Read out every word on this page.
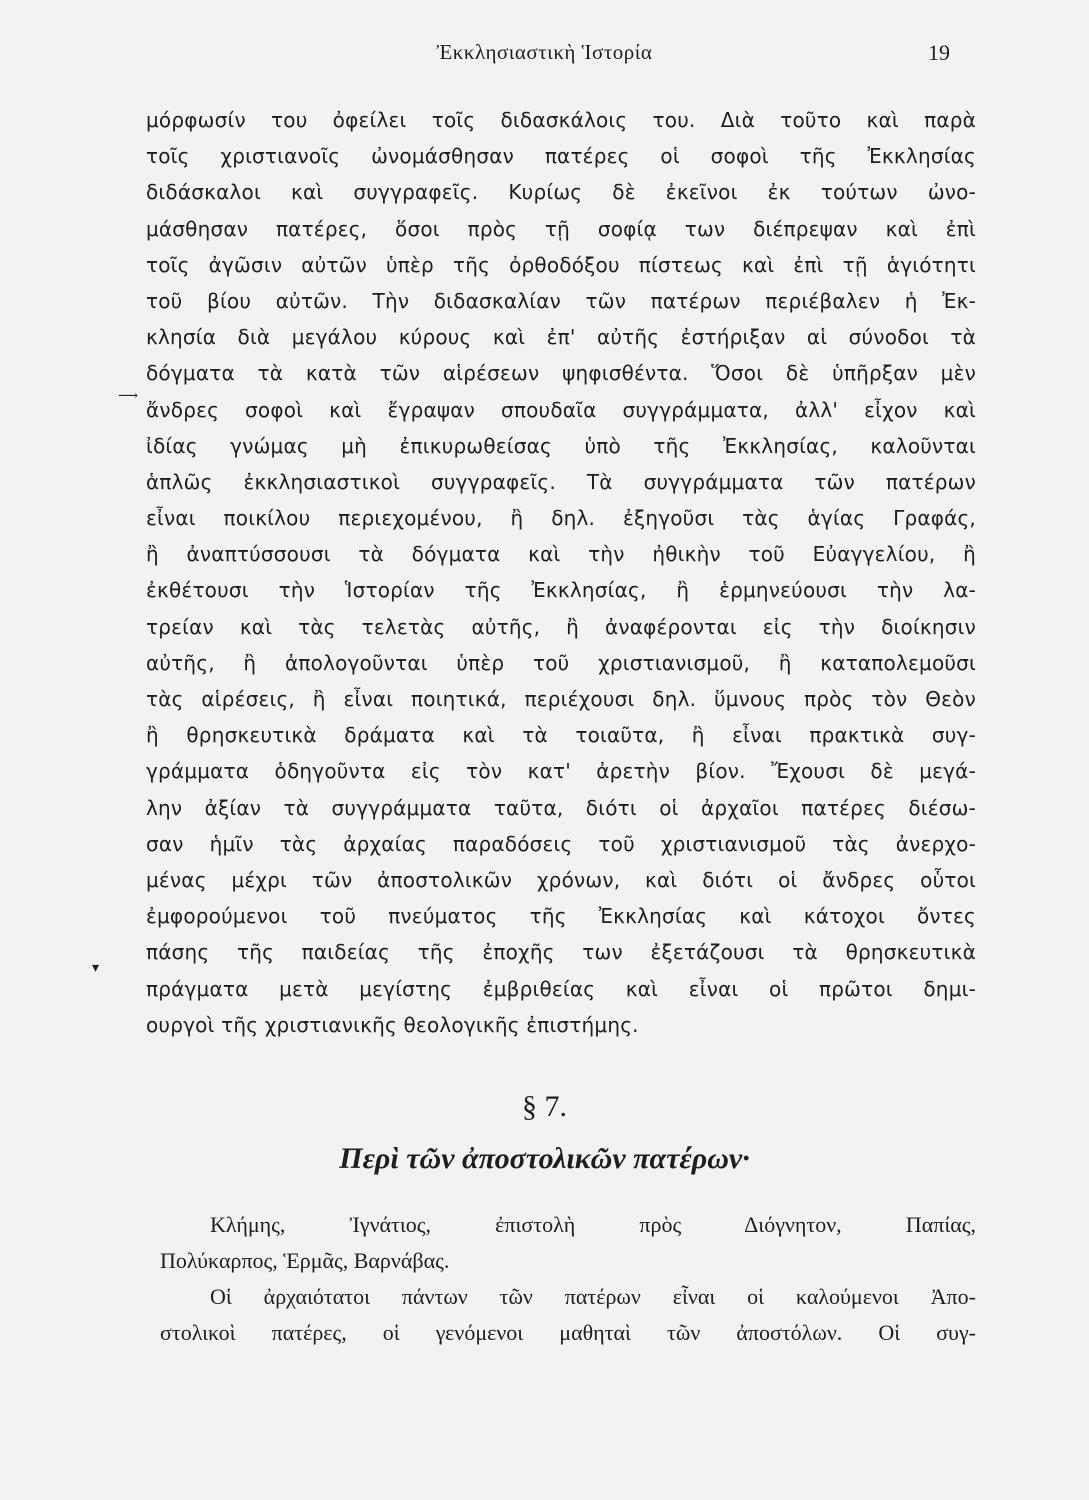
Ἐκκλησιαστικὴ Ἱστορία	19
⟶
▾
μόρφωσίν του ὀφείλει τοῖς διδασκάλοις του. Διὰ τοῦτο καὶ παρὰ
τοῖς χριστιανοῖς ὠνομάσθησαν πατέρες οἱ σοφοὶ τῆς Ἐκκλησίας
διδάσκαλοι καὶ συγγραφεῖς. Κυρίως δὲ ἐκεῖνοι ἐκ τούτων ὠνο-
μάσθησαν πατέρες, ὅσοι πρὸς τῇ σοφίᾳ των διέπρεψαν καὶ ἐπὶ
τοῖς ἀγῶσιν αὐτῶν ὑπὲρ τῆς ὀρθοδόξου πίστεως καὶ ἐπὶ τῇ ἁγιότητι
τοῦ βίου αὐτῶν. Τὴν διδασκαλίαν τῶν πατέρων περιέβαλεν ἡ Ἐκ-
κλησία διὰ μεγάλου κύρους καὶ ἐπ' αὐτῆς ἐστήριξαν αἱ σύνοδοι τὰ
δόγματα τὰ κατὰ τῶν αἱρέσεων ψηφισθέντα. Ὅσοι δὲ ὑπῆρξαν μὲν
ἄνδρες σοφοὶ καὶ ἔγραψαν σπουδαῖα συγγράμματα, ἀλλ' εἶχον καὶ
ἰδίας γνώμας μὴ ἐπικυρωθείσας ὑπὸ τῆς Ἐκκλησίας, καλοῦνται
ἁπλῶς ἐκκλησιαστικοὶ συγγραφεῖς. Τὰ συγγράμματα τῶν πατέρων
εἶναι ποικίλου περιεχομένου, ἢ δηλ. ἐξηγοῦσι τὰς ἁγίας Γραφάς,
ἢ ἀναπτύσσουσι τὰ δόγματα καὶ τὴν ἠθικὴν τοῦ Εὐαγγελίου, ἢ
ἐκθέτουσι τὴν Ἱστορίαν τῆς Ἐκκλησίας, ἢ ἑρμηνεύουσι τὴν λα-
τρείαν καὶ τὰς τελετὰς αὐτῆς, ἢ ἀναφέρονται εἰς τὴν διοίκησιν
αὐτῆς, ἢ ἀπολογοῦνται ὑπὲρ τοῦ χριστιανισμοῦ, ἢ καταπολεμοῦσι
τὰς αἱρέσεις, ἢ εἶναι ποιητικά, περιέχουσι δηλ. ὕμνους πρὸς τὸν Θεὸν
ἢ θρησκευτικὰ δράματα καὶ τὰ τοιαῦτα, ἢ εἶναι πρακτικὰ συγ-
γράμματα ὁδηγοῦντα εἰς τὸν κατ' ἀρετὴν βίον. Ἔχουσι δὲ μεγά-
λην ἀξίαν τὰ συγγράμματα ταῦτα, διότι οἱ ἀρχαῖοι πατέρες διέσω-
σαν ἡμῖν τὰς ἀρχαίας παραδόσεις τοῦ χριστιανισμοῦ τὰς ἀνερχο-
μένας μέχρι τῶν ἀποστολικῶν χρόνων, καὶ διότι οἱ ἄνδρες οὗτοι
ἐμφορούμενοι τοῦ πνεύματος τῆς Ἐκκλησίας καὶ κάτοχοι ὄντες
πάσης τῆς παιδείας τῆς ἐποχῆς των ἐξετάζουσι τὰ θρησκευτικὰ
πράγματα μετὰ μεγίστης ἐμβριθείας καὶ εἶναι οἱ πρῶτοι δημι-
ουργοὶ τῆς χριστιανικῆς θεολογικῆς ἐπιστήμης.
§ 7.
Περὶ τῶν ἀποστολικῶν πατέρων·
Κλήμης, Ἰγνάτιος, ἐπιστολὴ πρὸς Διόγνητον, Παπίας,
Πολύκαρπος, Ἑρμᾶς, Βαρνάβας.
Οἱ ἀρχαιότατοι πάντων τῶν πατέρων εἶναι οἱ καλούμενοι Ἀπο-
στολικοὶ πατέρες, οἱ γενόμενοι μαθηταὶ τῶν ἀποστόλων. Οἱ συγ-
